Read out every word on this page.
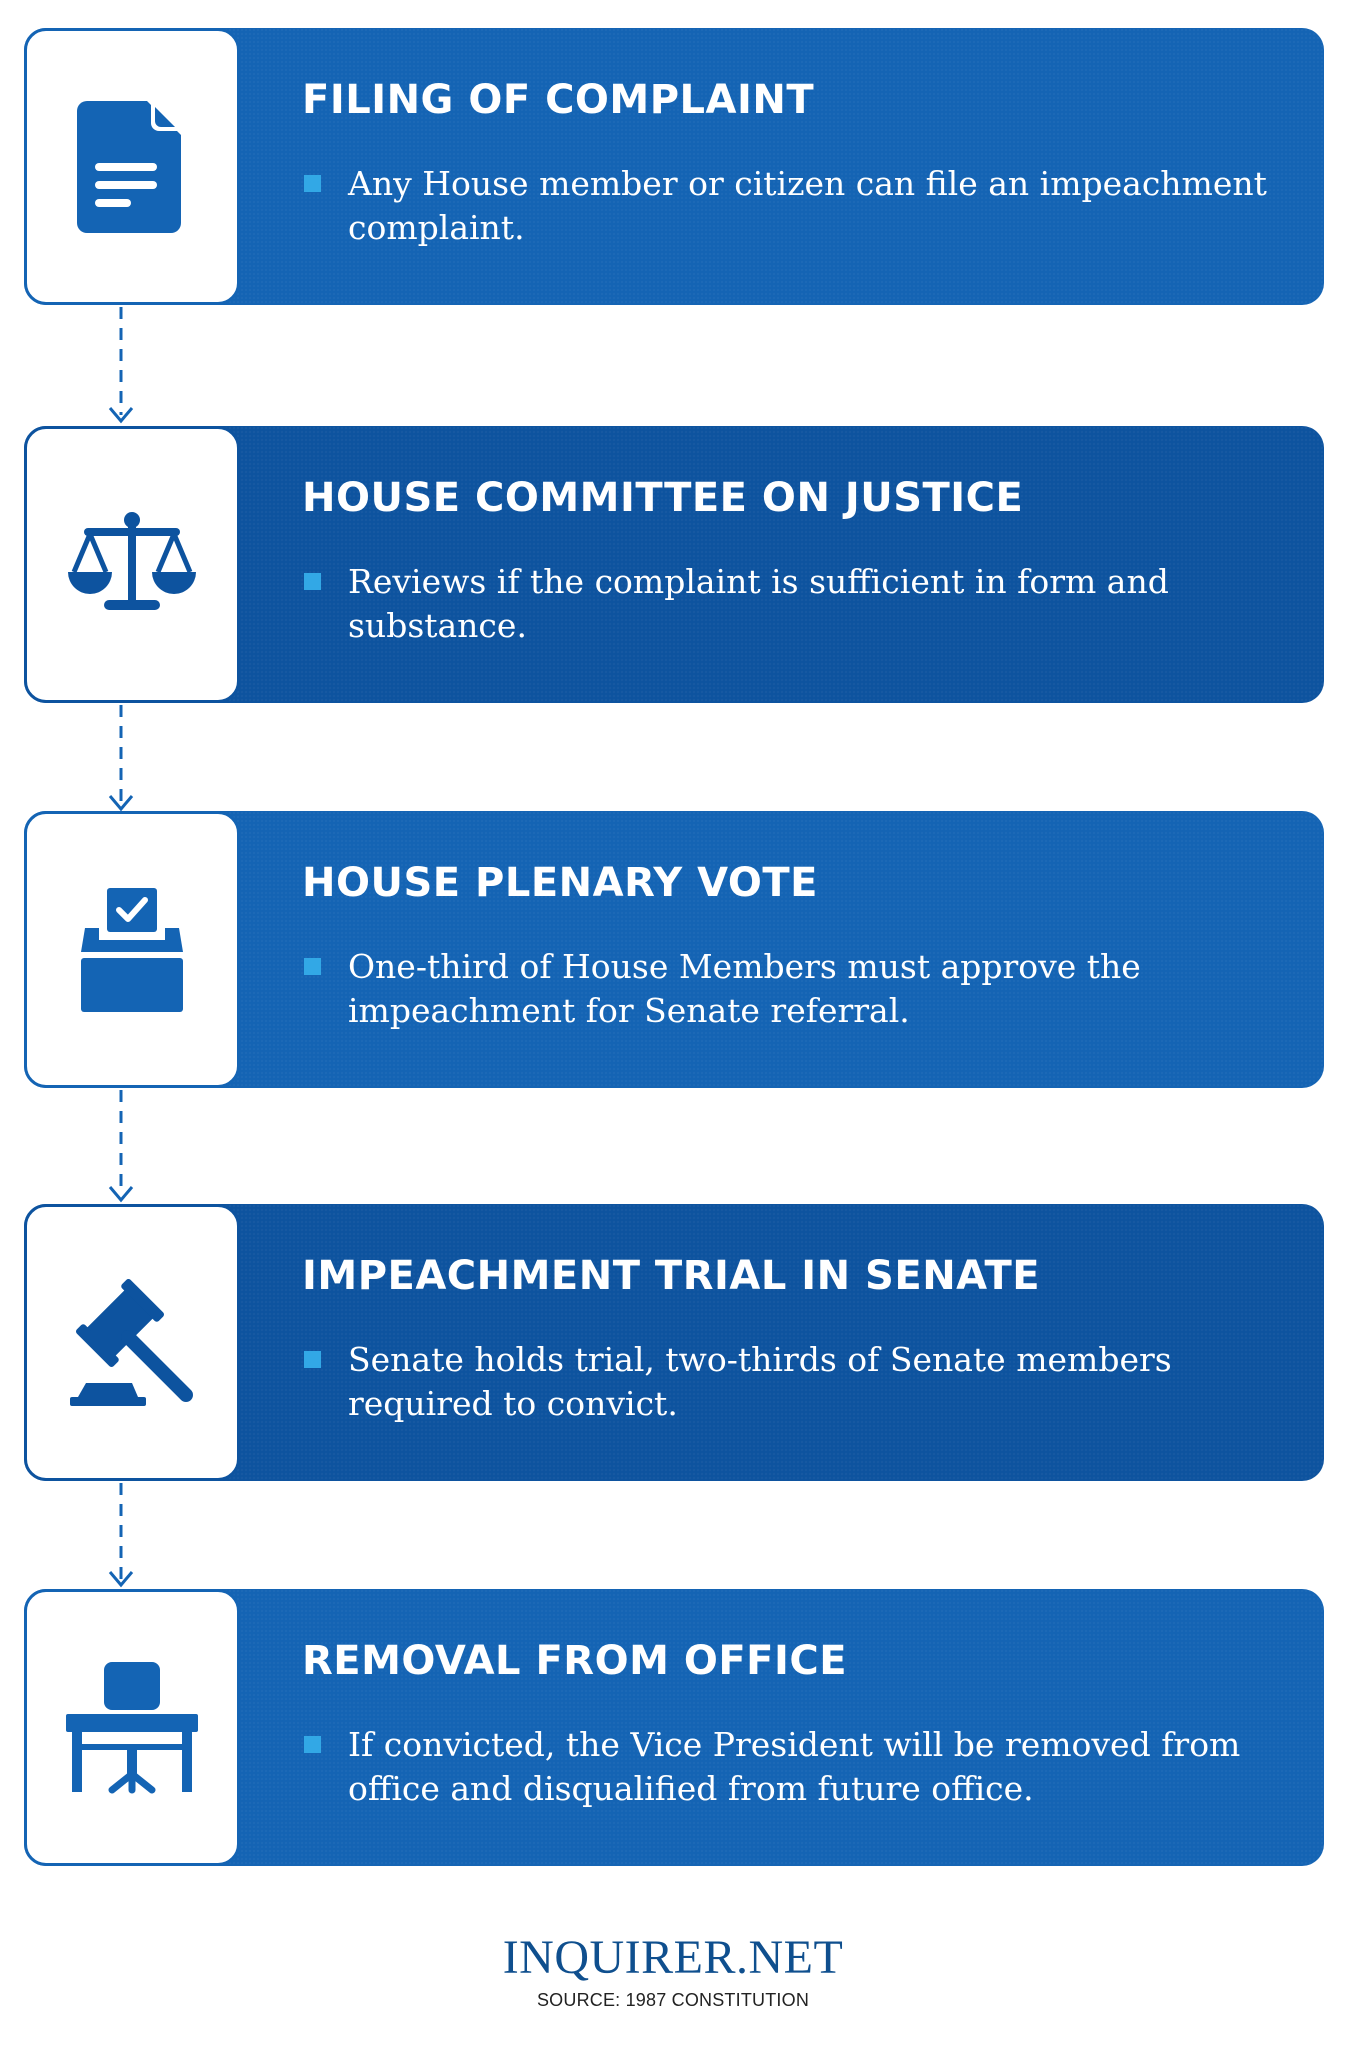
FILING OF COMPLAINT

Any House member or citizen can file an impeachment complaint.

HOUSE COMMITTEE ON JUSTICE

Reviews if the complaint is sufficient in form and substance.

HOUSE PLENARY VOTE

One-third of House Members must approve the impeachment for Senate referral.

IMPEACHMENT TRIAL IN SENATE

Senate holds trial, two-thirds of Senate members required to convict.

REMOVAL FROM OFFICE

If convicted, the Vice President will be removed from office and disqualified from future office.

INQUIRER.NET
SOURCE: 1987 CONSTITUTION
